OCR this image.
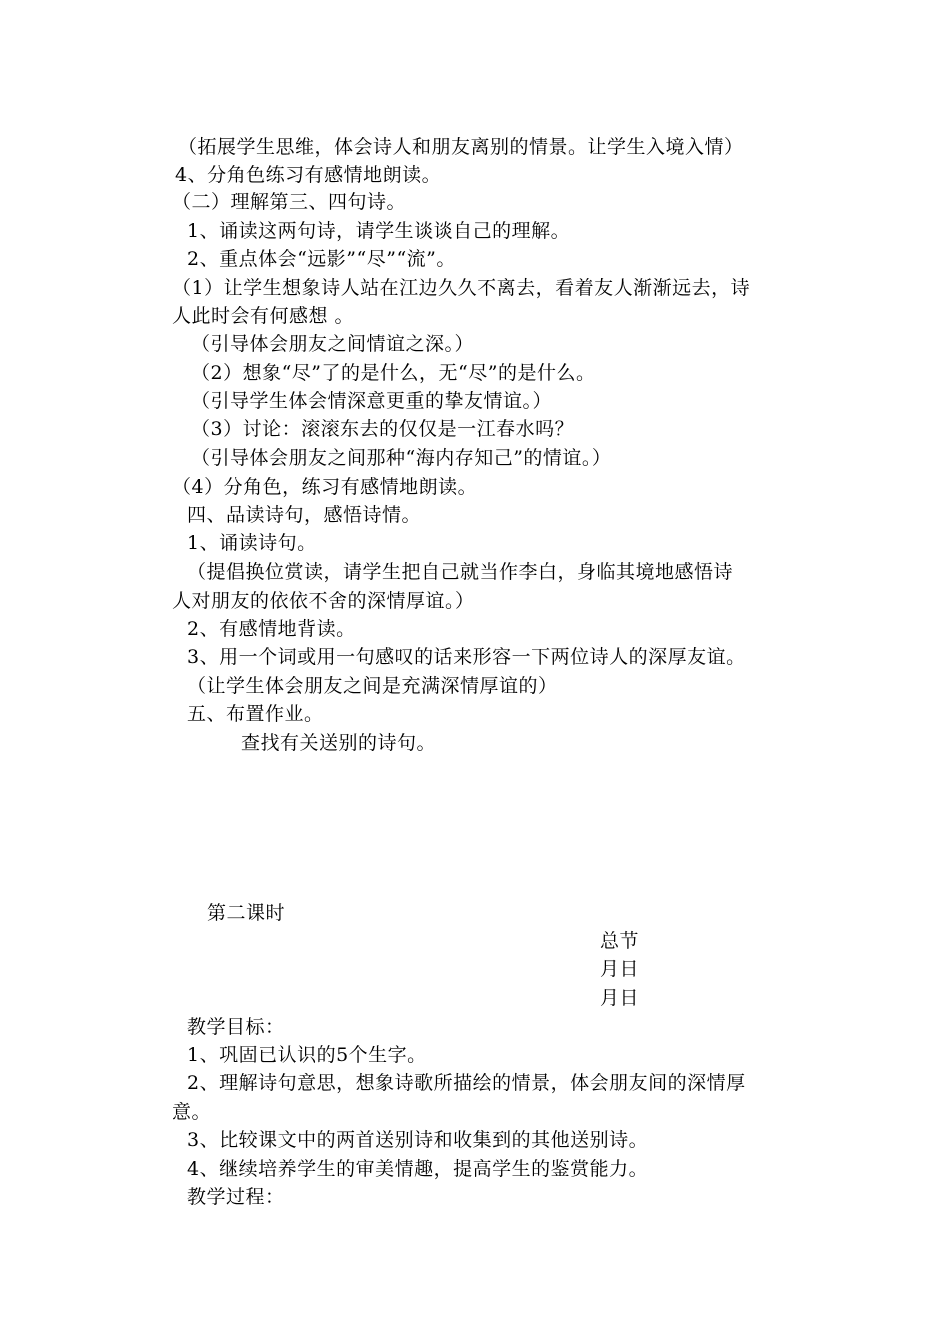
（拓展学生思维，体会诗人和朋友离别的情景。让学生入境入情）
4、分角色练习有感情地朗读。
（二）理解第三、四句诗。
1、诵读这两句诗，请学生谈谈自己的理解。
2、重点体会“远影”“尽”“流”。
（1）让学生想象诗人站在江边久久不离去，看着友人渐渐远去，诗
人此时会有何感想 。
（引导体会朋友之间情谊之深。）
（2）想象“尽”了的是什么，无“尽”的是什么。
（引导学生体会情深意更重的挚友情谊。）
（3）讨论：滚滚东去的仅仅是一江春水吗？
（引导体会朋友之间那种“海内存知己”的情谊。）
（4）分角色，练习有感情地朗读。
四、品读诗句，感悟诗情。
1、诵读诗句。
（提倡换位赏读，请学生把自己就当作李白，身临其境地感悟诗
人对朋友的依依不舍的深情厚谊。）
2、有感情地背读。
3、用一个词或用一句感叹的话来形容一下两位诗人的深厚友谊。
（让学生体会朋友之间是充满深情厚谊的）
五、布置作业。
查找有关送别的诗句。
第二课时
总节
月日
月日
教学目标：
1、巩固已认识的5个生字。
2、理解诗句意思，想象诗歌所描绘的情景，体会朋友间的深情厚
意。
3、比较课文中的两首送别诗和收集到的其他送别诗。
4、继续培养学生的审美情趣，提高学生的鉴赏能力。
教学过程：
